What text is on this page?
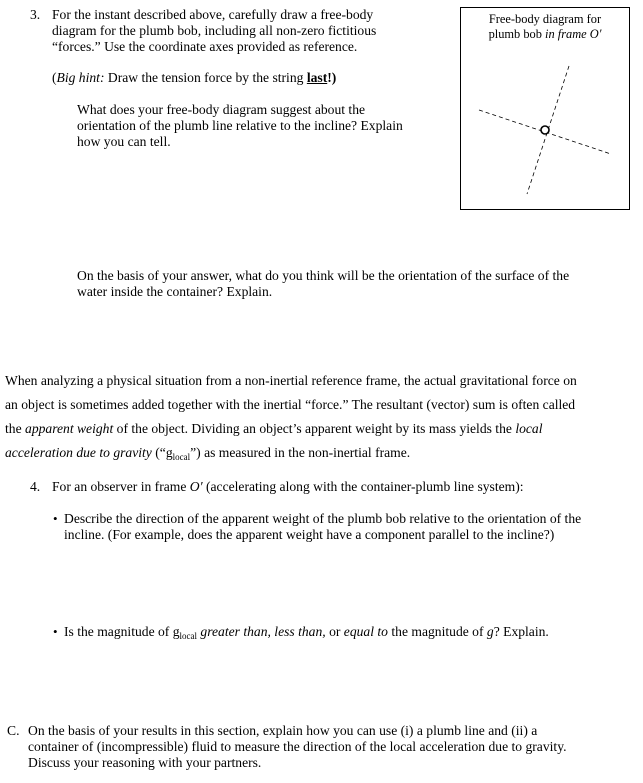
3. For the instant described above, carefully draw a free-body
diagram for the plumb bob, including all non-zero fictitious
“forces.” Use the coordinate axes provided as reference.
(Big hint: Draw the tension force by the string last!)
What does your free-body diagram suggest about the
orientation of the plumb line relative to the incline? Explain
how you can tell.
Free-body diagram for
plumb bob in frame O′
On the basis of your answer, what do you think will be the orientation of the surface of the
water inside the container? Explain.
When analyzing a physical situation from a non-inertial reference frame, the actual gravitational force on
an object is sometimes added together with the inertial “force.” The resultant (vector) sum is often called
the apparent weight of the object. Dividing an object’s apparent weight by its mass yields the local
acceleration due to gravity $(“g_{local}”)$ as measured in the non-inertial frame.
4. For an observer in frame O′ (accelerating along with the container-plumb line system):
• Describe the direction of the apparent weight of the plumb bob relative to the orientation of the
incline. (For example, does the apparent weight have a component parallel to the incline?)
• Is the magnitude of $g_{local}$ greater than, less than, or equal to the magnitude of g? Explain.
C. On the basis of your results in this section, explain how you can use (i) a plumb line and (ii) a
container of (incompressible) fluid to measure the direction of the local acceleration due to gravity.
Discuss your reasoning with your partners.
